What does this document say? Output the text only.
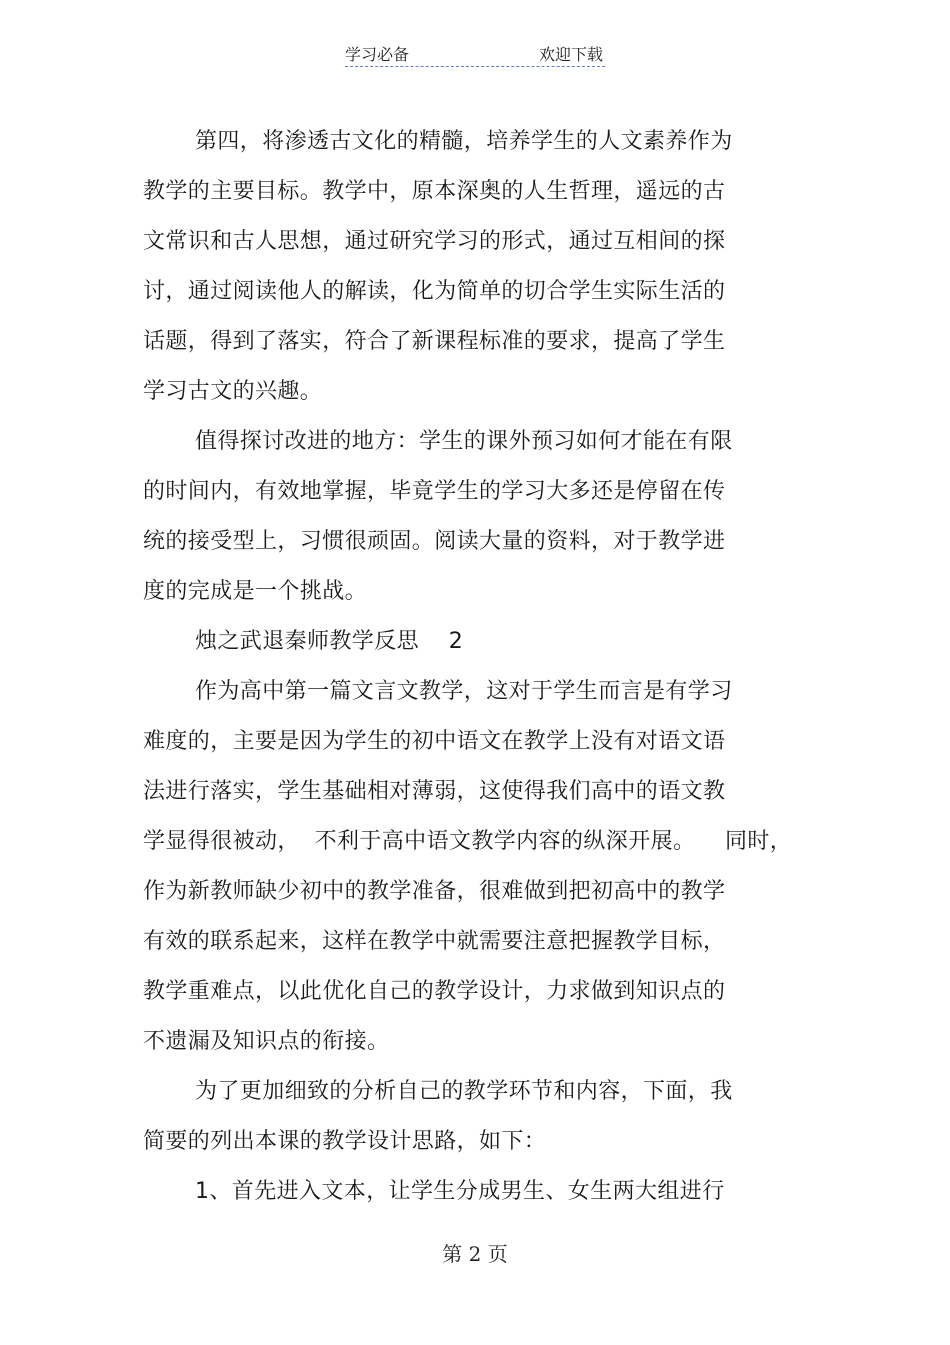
学习必备	欢迎下载
第四，将渗透古文化的精髓，培养学生的人文素养作为
教学的主要目标。教学中，原本深奥的人生哲理，遥远的古
文常识和古人思想，通过研究学习的形式，通过互相间的探
讨，通过阅读他人的解读，化为简单的切合学生实际生活的
话题，得到了落实，符合了新课程标准的要求，提高了学生
学习古文的兴趣。
值得探讨改进的地方：学生的课外预习如何才能在有限
的时间内，有效地掌握，毕竟学生的学习大多还是停留在传
统的接受型上，习惯很顽固。阅读大量的资料，对于教学进
度的完成是一个挑战。
烛之武退秦师教学反思　 2
作为高中第一篇文言文教学，这对于学生而言是有学习
难度的，主要是因为学生的初中语文在教学上没有对语文语
法进行落实，学生基础相对薄弱，这使得我们高中的语文教
学显得很被动，  不利于高中语文教学内容的纵深开展。    同时，
作为新教师缺少初中的教学准备，很难做到把初高中的教学
有效的联系起来，这样在教学中就需要注意把握教学目标，
教学重难点，以此优化自己的教学设计，力求做到知识点的
不遗漏及知识点的衔接。
为了更加细致的分析自己的教学环节和内容，下面，我
简要的列出本课的教学设计思路，如下：
1、首先进入文本，让学生分成男生、女生两大组进行
第 2 页
